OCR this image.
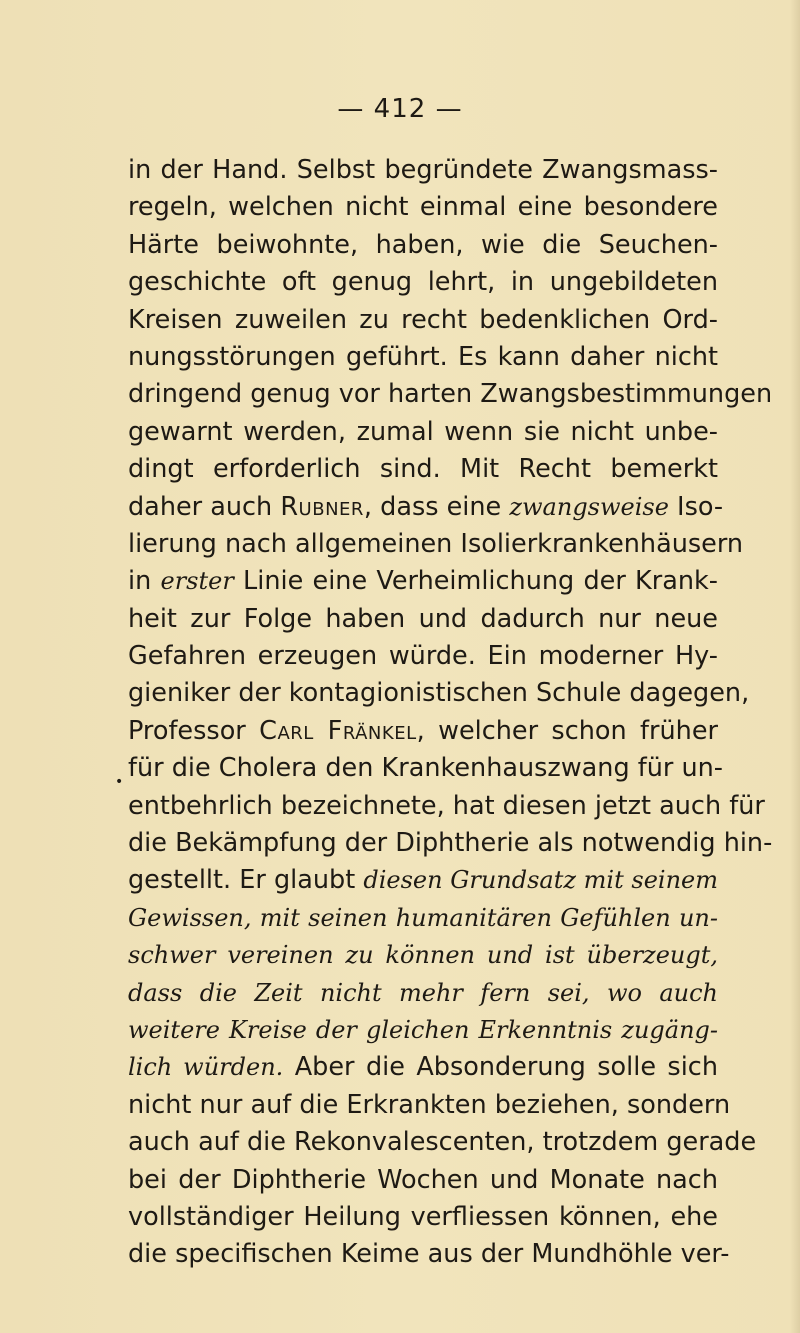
— 412 —
•
in der Hand. Selbst begründete Zwangsmass-
regeln, welchen nicht einmal eine besondere
Härte beiwohnte, haben, wie die Seuchen-
geschichte oft genug lehrt, in ungebildeten
Kreisen zuweilen zu recht bedenklichen Ord-
nungsstörungen geführt. Es kann daher nicht
dringend genug vor harten Zwangsbestimmungen
gewarnt werden, zumal wenn sie nicht unbe-
dingt erforderlich sind. Mit Recht bemerkt
daher auch Rubner, dass eine zwangsweise Iso-
lierung nach allgemeinen Isolierkrankenhäusern
in erster Linie eine Verheimlichung der Krank-
heit zur Folge haben und dadurch nur neue
Gefahren erzeugen würde. Ein moderner Hy-
gieniker der kontagionistischen Schule dagegen,
Professor Carl Fränkel, welcher schon früher
für die Cholera den Krankenhauszwang für un-
entbehrlich bezeichnete, hat diesen jetzt auch für
die Bekämpfung der Diphtherie als notwendig hin-
gestellt. Er glaubt diesen Grundsatz mit seinem
Gewissen, mit seinen humanitären Gefühlen un-
schwer vereinen zu können und ist überzeugt,
dass die Zeit nicht mehr fern sei, wo auch
weitere Kreise der gleichen Erkenntnis zugäng-
lich würden. Aber die Absonderung solle sich
nicht nur auf die Erkrankten beziehen, sondern
auch auf die Rekonvalescenten, trotzdem gerade
bei der Diphtherie Wochen und Monate nach
vollständiger Heilung verfliessen können, ehe
die specifischen Keime aus der Mundhöhle ver-
